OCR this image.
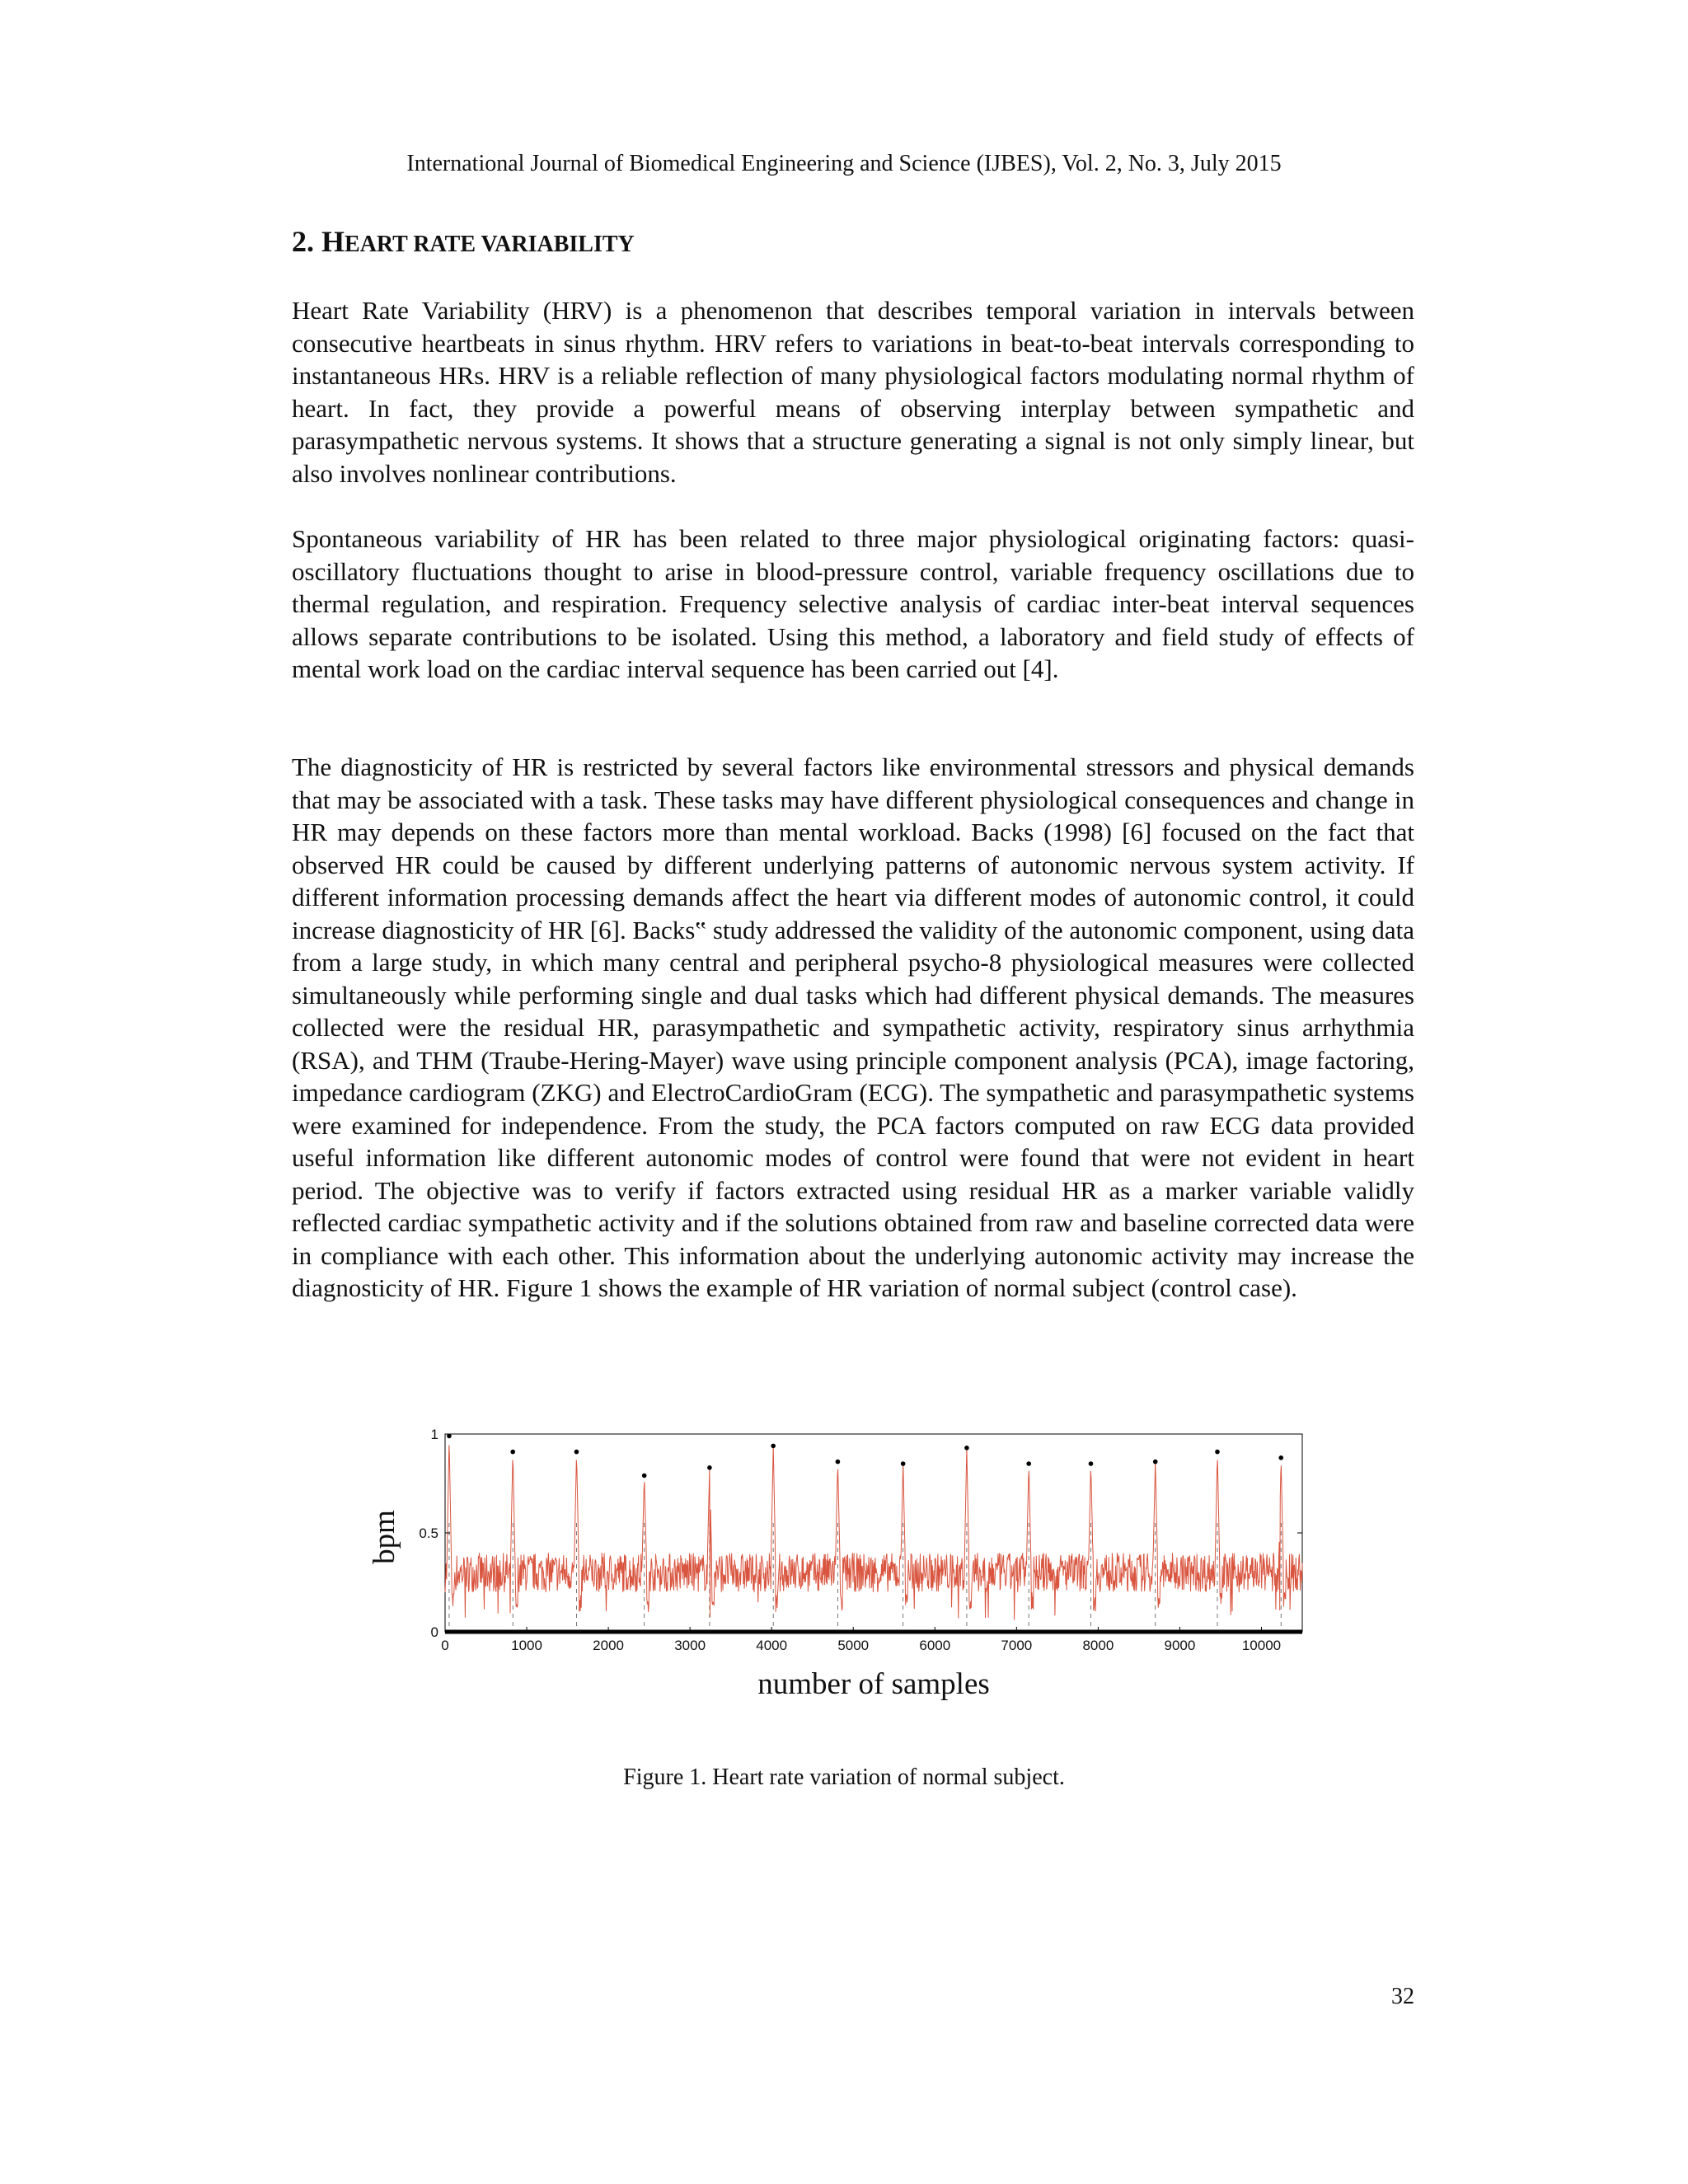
International Journal of Biomedical Engineering and Science (IJBES), Vol. 2, No. 3, July 2015
2. HEART RATE VARIABILITY

Heart Rate Variability (HRV) is a phenomenon that describes temporal variation in intervals between consecutive heartbeats in sinus rhythm. HRV refers to variations in beat-to-beat intervals corresponding to instantaneous HRs. HRV is a reliable reflection of many physiological factors modulating normal rhythm of heart. In fact, they provide a powerful means of observing interplay between sympathetic and parasympathetic nervous systems. It shows that a structure generating a signal is not only simply linear, but also involves nonlinear contributions.

Spontaneous variability of HR has been related to three major physiological originating factors: quasi-oscillatory fluctuations thought to arise in blood-pressure control, variable frequency oscillations due to thermal regulation, and respiration. Frequency selective analysis of cardiac inter-beat interval sequences allows separate contributions to be isolated. Using this method, a laboratory and field study of effects of mental work load on the cardiac interval sequence has been carried out [4].

The diagnosticity of HR is restricted by several factors like environmental stressors and physical demands that may be associated with a task. These tasks may have different physiological consequences and change in HR may depends on these factors more than mental workload. Backs (1998) [6] focused on the fact that observed HR could be caused by different underlying patterns of autonomic nervous system activity. If different information processing demands affect the heart via different modes of autonomic control, it could increase diagnosticity of HR [6]. Backs‟ study addressed the validity of the autonomic component, using data from a large study, in which many central and peripheral psycho-8 physiological measures were collected simultaneously while performing single and dual tasks which had different physical demands. The measures collected were the residual HR, parasympathetic and sympathetic activity, respiratory sinus arrhythmia (RSA), and THM (Traube-Hering-Mayer) wave using principle component analysis (PCA), image factoring, impedance cardiogram (ZKG) and ElectroCardioGram (ECG). The sympathetic and parasympathetic systems were examined for independence. From the study, the PCA factors computed on raw ECG data provided useful information like different autonomic modes of control were found that were not evident in heart period. The objective was to verify if factors extracted using residual HR as a marker variable validly reflected cardiac sympathetic activity and if the solutions obtained from raw and baseline corrected data were in compliance with each other. This information about the underlying autonomic activity may increase the diagnosticity of HR. Figure 1 shows the example of HR variation of normal subject (control case).

0	1000	2000	3000	4000	5000	6000	7000	8000	9000	10000
0
0.5
1
number of samples
bpm
Figure 1. Heart rate variation of normal subject.
32
